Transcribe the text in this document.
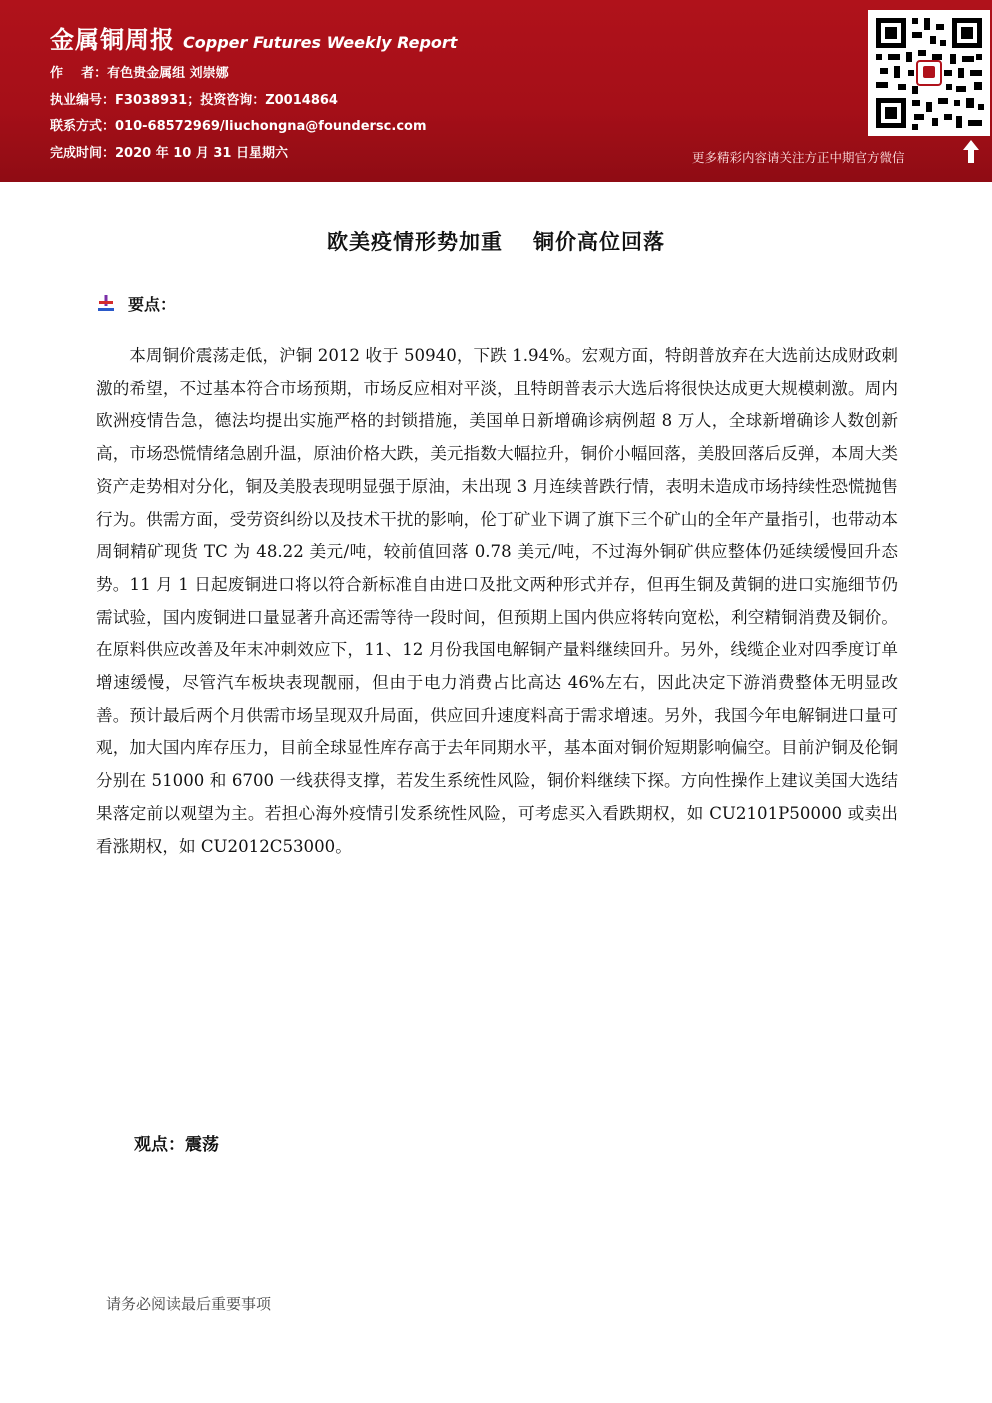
金属铜周报 Copper Futures Weekly Report
作    者：有色贵金属组 刘崇娜
执业编号：F3038931；投资咨询：Z0014864
联系方式：010-68572969/liuchongna@foundersc.com
完成时间：2020 年 10 月 31 日星期六	更多精彩内容请关注方正中期官方微信
欧美疫情形势加重 铜价高位回落
要点：
本周铜价震荡走低，沪铜 2012 收于 50940，下跌 1.94%。宏观方面，特朗普放弃在大选前达成财政刺激的希望，不过基本符合市场预期，市场反应相对平淡，且特朗普表示大选后将很快达成更大规模刺激。周内欧洲疫情告急，德法均提出实施严格的封锁措施，美国单日新增确诊病例超 8 万人，全球新增确诊人数创新高，市场恐慌情绪急剧升温，原油价格大跌，美元指数大幅拉升，铜价小幅回落，美股回落后反弹，本周大类资产走势相对分化，铜及美股表现明显强于原油，未出现 3 月连续普跌行情，表明未造成市场持续性恐慌抛售行为。供需方面，受劳资纠纷以及技术干扰的影响，伦丁矿业下调了旗下三个矿山的全年产量指引，也带动本周铜精矿现货 TC 为 48.22 美元/吨，较前值回落 0.78 美元/吨，不过海外铜矿供应整体仍延续缓慢回升态势。11 月 1 日起废铜进口将以符合新标准自由进口及批文两种形式并存，但再生铜及黄铜的进口实施细节仍需试验，国内废铜进口量显著升高还需等待一段时间，但预期上国内供应将转向宽松，利空精铜消费及铜价。在原料供应改善及年末冲刺效应下，11、12 月份我国电解铜产量料继续回升。另外，线缆企业对四季度订单增速缓慢，尽管汽车板块表现靓丽，但由于电力消费占比高达 46%左右，因此决定下游消费整体无明显改善。预计最后两个月供需市场呈现双升局面，供应回升速度料高于需求增速。另外，我国今年电解铜进口量可观，加大国内库存压力，目前全球显性库存高于去年同期水平，基本面对铜价短期影响偏空。目前沪铜及伦铜分别在 51000 和 6700 一线获得支撑，若发生系统性风险，铜价料继续下探。方向性操作上建议美国大选结果落定前以观望为主。若担心海外疫情引发系统性风险，可考虑买入看跌期权，如 CU2101P50000 或卖出看涨期权，如 CU2012C53000。
观点：震荡
请务必阅读最后重要事项
